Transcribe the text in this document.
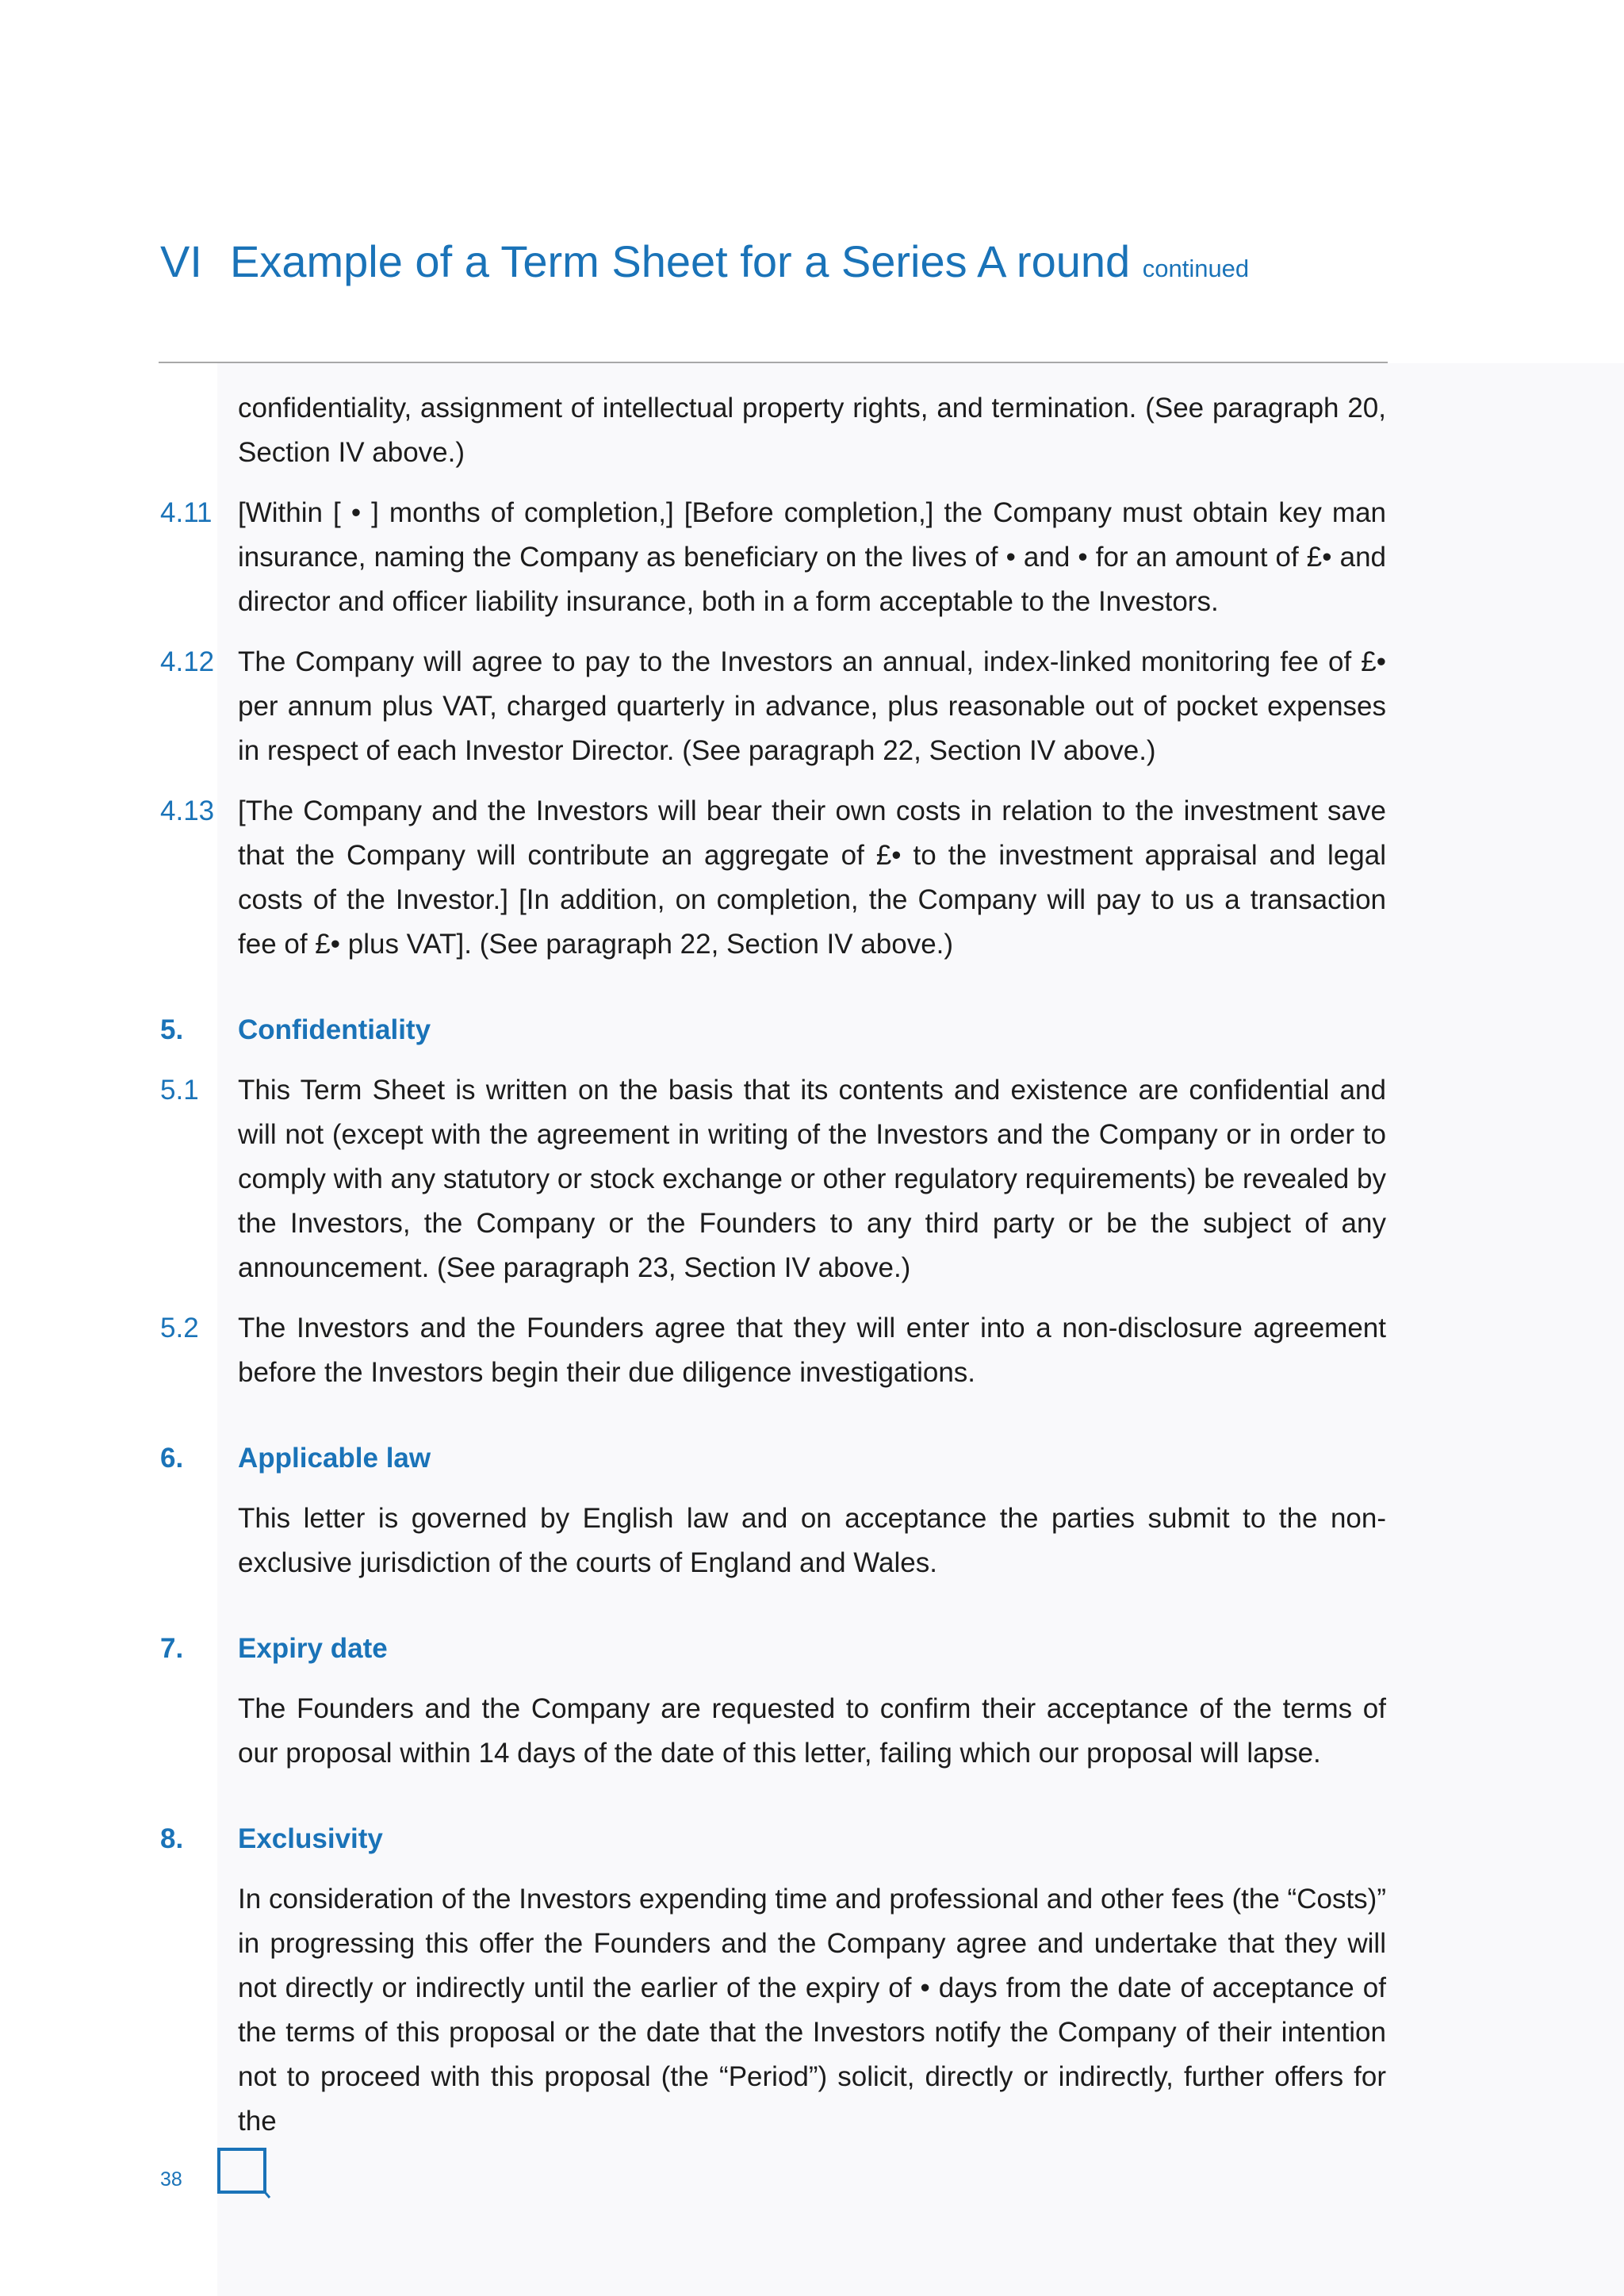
VI Example of a Term Sheet for a Series A round continued
confidentiality, assignment of intellectual property rights, and termination. (See paragraph 20, Section IV above.)
4.11 [Within [ • ] months of completion,] [Before completion,] the Company must obtain key man insurance, naming the Company as beneficiary on the lives of • and • for an amount of £• and director and officer liability insurance, both in a form acceptable to the Investors.
4.12 The Company will agree to pay to the Investors an annual, index-linked monitoring fee of £• per annum plus VAT, charged quarterly in advance, plus reasonable out of pocket expenses in respect of each Investor Director. (See paragraph 22, Section IV above.)
4.13 [The Company and the Investors will bear their own costs in relation to the investment save that the Company will contribute an aggregate of £• to the investment appraisal and legal costs of the Investor.] [In addition, on completion, the Company will pay to us a transaction fee of £• plus VAT]. (See paragraph 22, Section IV above.)
5.	Confidentiality
5.1	This Term Sheet is written on the basis that its contents and existence are confidential and will not (except with the agreement in writing of the Investors and the Company or in order to comply with any statutory or stock exchange or other regulatory requirements) be revealed by the Investors, the Company or the Founders to any third party or be the subject of any announcement. (See paragraph 23, Section IV above.)
5.2	The Investors and the Founders agree that they will enter into a non-disclosure agreement before the Investors begin their due diligence investigations.
6.	Applicable law
This letter is governed by English law and on acceptance the parties submit to the non-exclusive jurisdiction of the courts of England and Wales.
7.	Expiry date
The Founders and the Company are requested to confirm their acceptance of the terms of our proposal within 14 days of the date of this letter, failing which our proposal will lapse.
8.	Exclusivity
In consideration of the Investors expending time and professional and other fees (the “Costs)” in progressing this offer the Founders and the Company agree and undertake that they will not directly or indirectly until the earlier of the expiry of • days from the date of acceptance of the terms of this proposal or the date that the Investors notify the Company of their intention not to proceed with this proposal (the “Period”) solicit, directly or indirectly, further offers for the
38
